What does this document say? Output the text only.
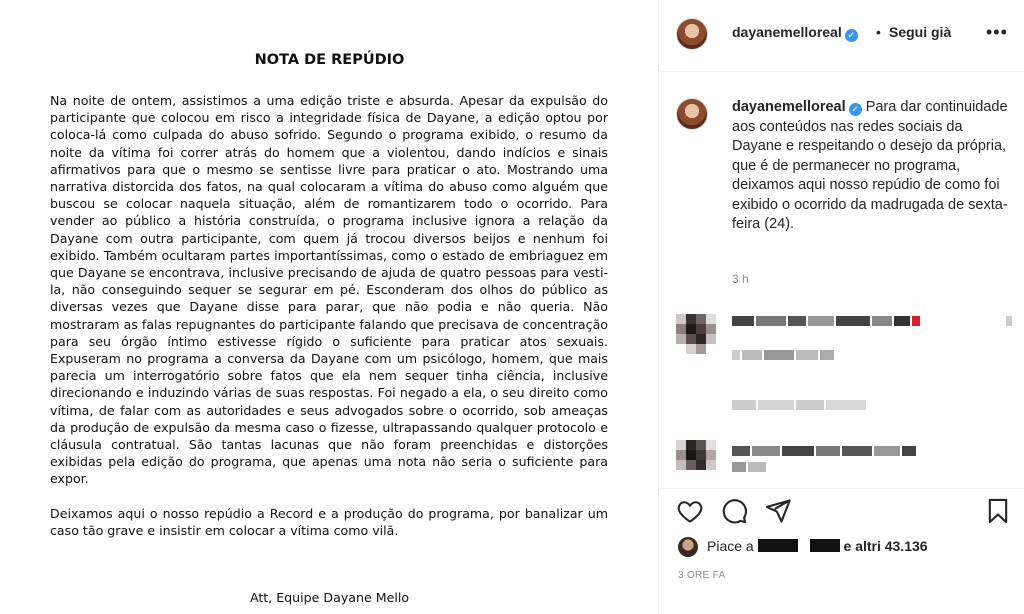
NOTA DE REPÚDIO

Na noite de ontem, assistimos a uma edição triste e absurda. Apesar da expulsão do participante que colocou em risco a integridade física de Dayane, a edição optou por coloca-lá como culpada do abuso sofrido. Segundo o programa exibido, o resumo da noite da vítima foi correr atrás do homem que a violentou, dando indícios e sinais afirmativos para que o mesmo se sentisse livre para praticar o ato. Mostrando uma narrativa distorcida dos fatos, na qual colocaram a vítima do abuso como alguém que buscou se colocar naquela situação, além de romantizarem todo o ocorrido. Para vender ao público a história construída, o programa inclusive ignora a relação da Dayane com outra participante, com quem já trocou diversos beijos e nenhum foi exibido. Também ocultaram partes importantíssimas, como o estado de embriaguez em que Dayane se encontrava, inclusive precisando de ajuda de quatro pessoas para vesti-la, não conseguindo sequer se segurar em pé. Esconderam dos olhos do público as diversas vezes que Dayane disse para parar, que não podia e não queria. Não mostraram as falas repugnantes do participante falando que precisava de concentração para seu órgão íntimo estivesse rígido o suficiente para praticar atos sexuais. Expuseram no programa a conversa da Dayane com um psicólogo, homem, que mais parecia um interrogatório sobre fatos que ela nem sequer tinha ciência, inclusive direcionando e induzindo várias de suas respostas. Foi negado a ela, o seu direito como vítima, de falar com as autoridades e seus advogados sobre o ocorrido, sob ameaças da produção de expulsão da mesma caso o fizesse, ultrapassando qualquer protocolo e cláusula contratual. São tantas lacunas que não foram preenchidas e distorções exibidas pela edição do programa, que apenas uma nota não seria o suficiente para expor.

Deixamos aqui o nosso repúdio a Record e a produção do programa, por banalizar um caso tão grave e insistir em colocar a vítima como vilã.

Att, Equipe Dayane Mello
dayanemelloreal ✓ • Segui già •••
dayanemelloreal ✓ Para dar continuidade aos conteúdos nas redes sociais da Dayane e respeitando o desejo da própria, que é de permanecer no programa, deixamos aqui nosso repúdio de como foi exibido o ocorrido da madrugada de sexta-feira (24).
3 h
Piace a	e altri 43.136
3 ORE FA
